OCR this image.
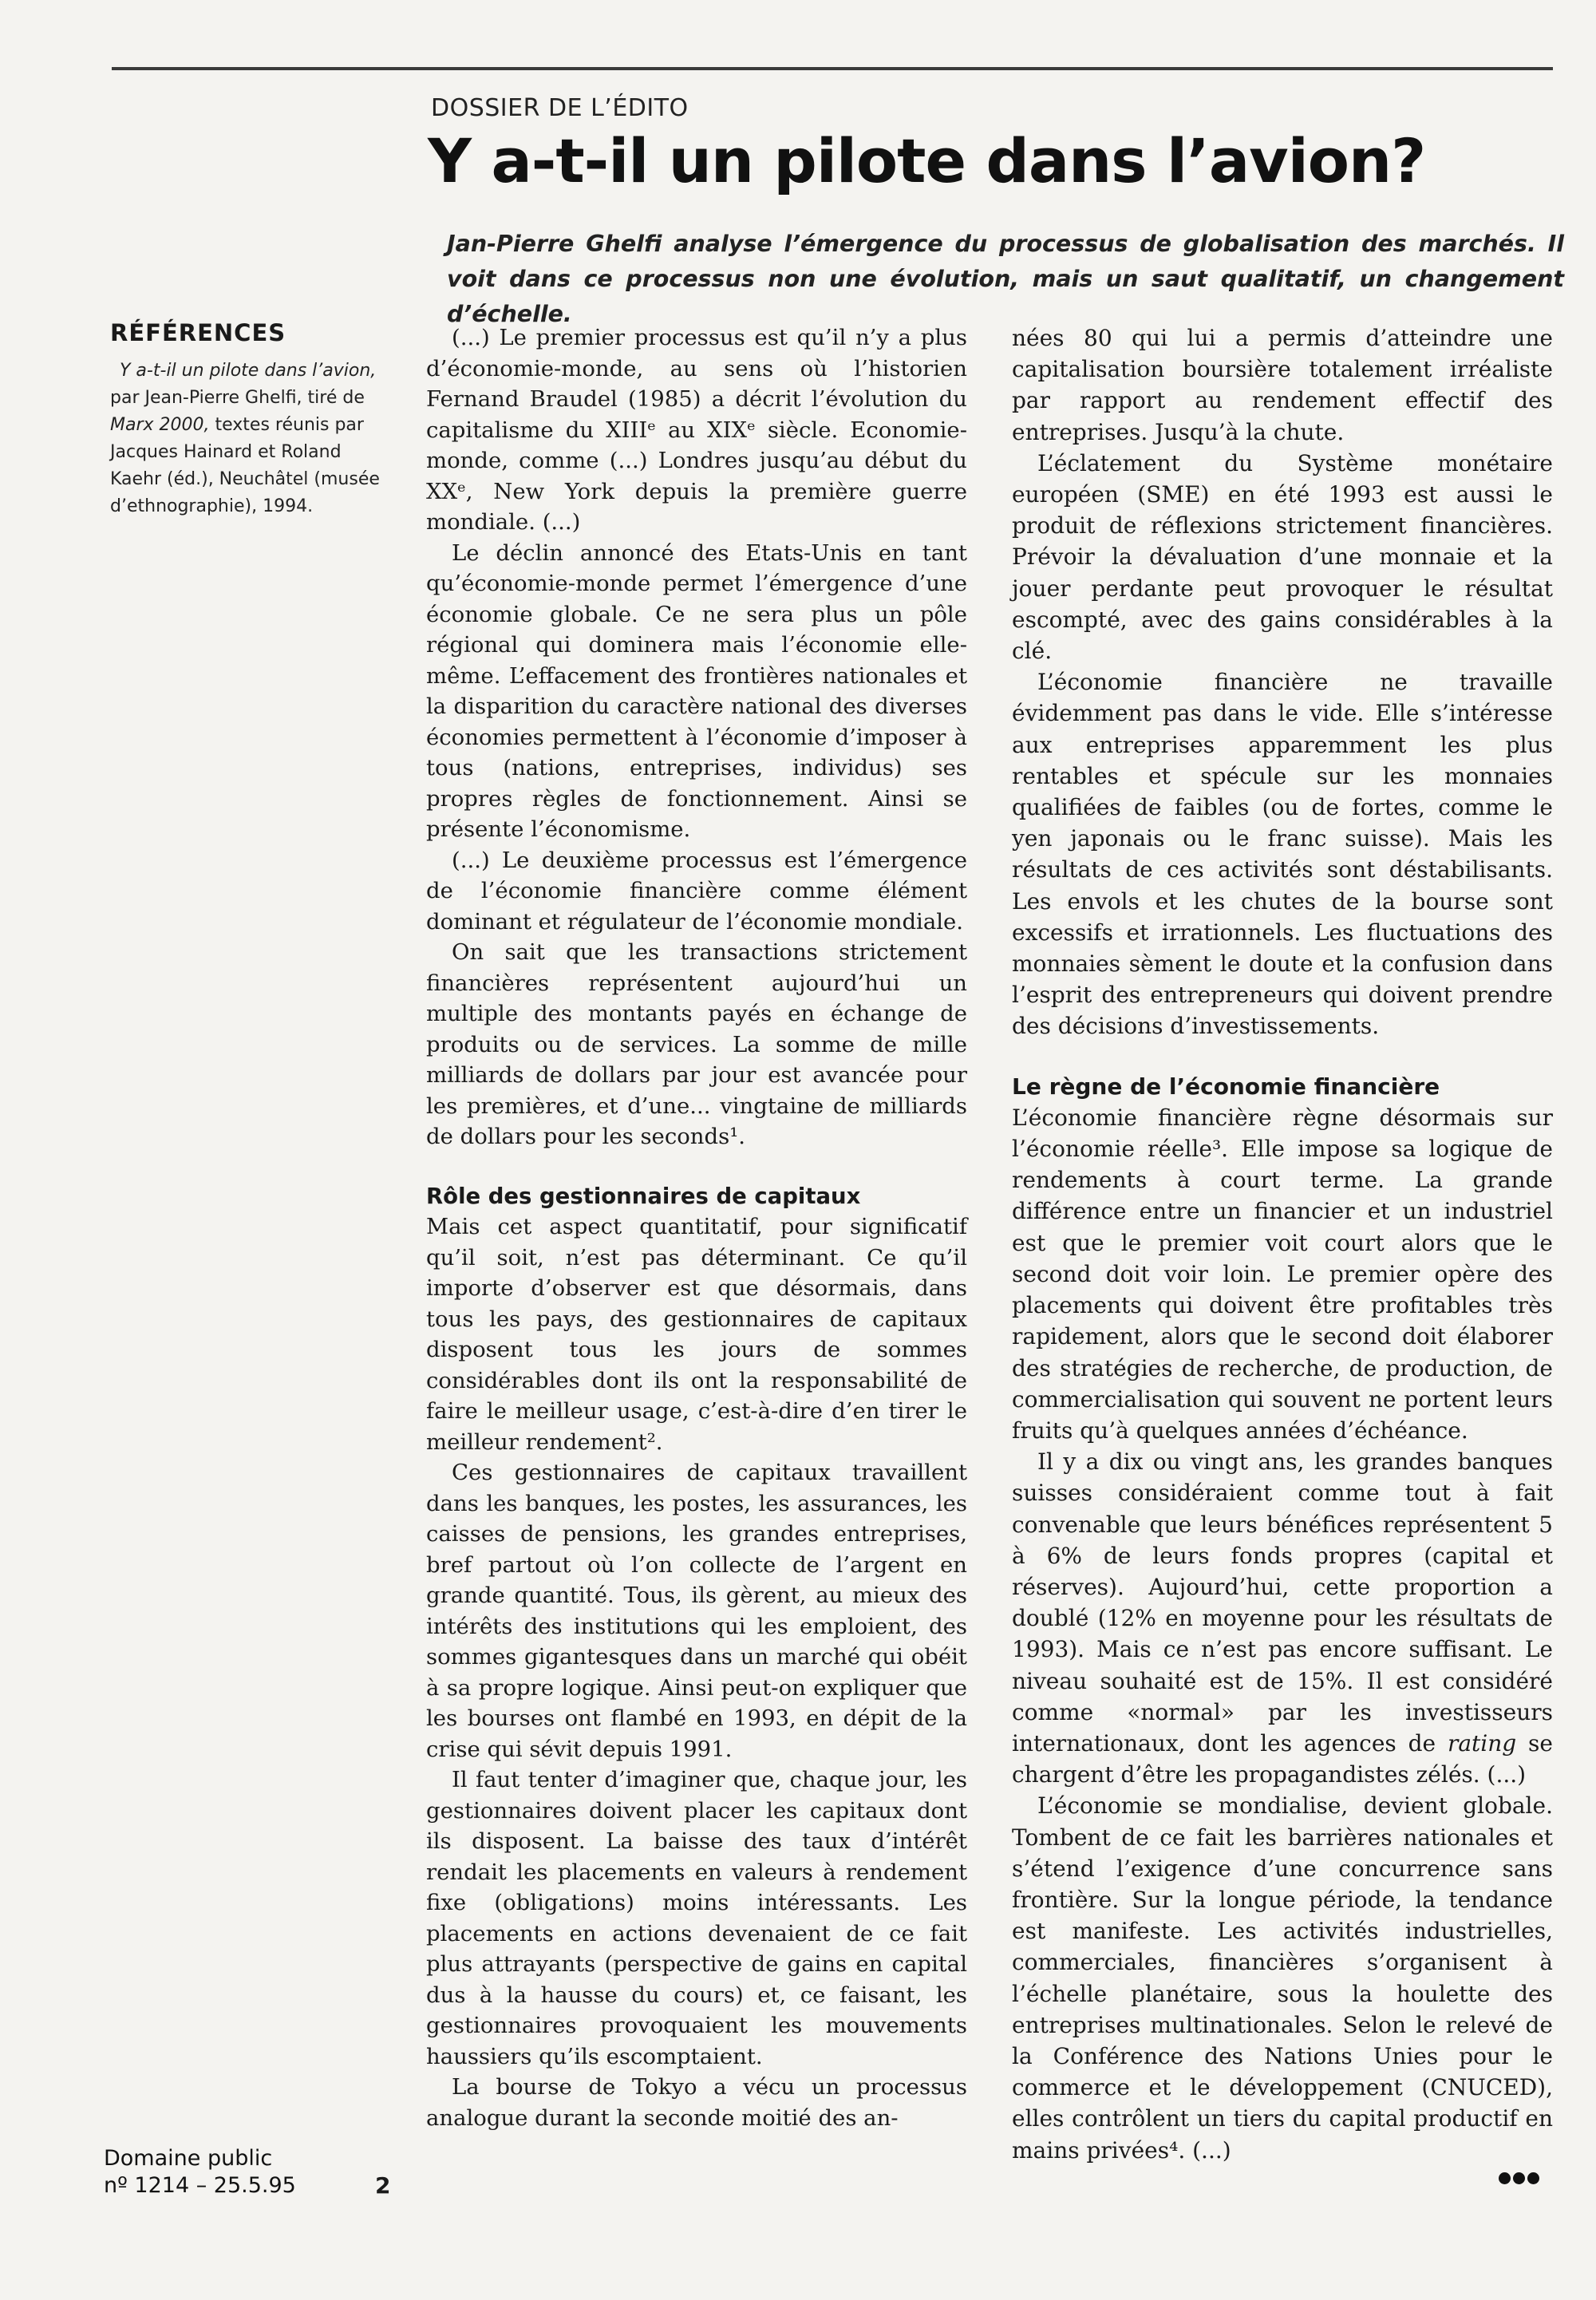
DOSSIER DE L’ÉDITO
Y a-t-il un pilote dans l’avion?

Jan-Pierre Ghelfi analyse l’émergence du processus de globalisation des marchés. Il voit dans ce processus non une évolution, mais un saut qualitatif, un changement d’échelle.

RÉFÉRENCES

Y a-t-il un pilote dans l’avion, par Jean-Pierre Ghelfi, tiré de Marx 2000, textes réunis par Jacques Hainard et Roland Kaehr (éd.), Neuchâtel (musée d’ethnographie), 1994.

(...) Le premier processus est qu’il n’y a plus d’économie-monde, au sens où l’historien Fernand Braudel (1985) a décrit l’évolution du capitalisme du XIIIᵉ au XIXᵉ siècle. Economie-monde, comme (...) Londres jusqu’au début du XXᵉ, New York depuis la première guerre mondiale. (...)

Le déclin annoncé des Etats-Unis en tant qu’économie-monde permet l’émergence d’une économie globale. Ce ne sera plus un pôle régional qui dominera mais l’économie elle-même. L’effacement des frontières nationales et la disparition du caractère national des diverses économies permettent à l’économie d’imposer à tous (nations, entreprises, individus) ses propres règles de fonctionnement. Ainsi se présente l’économisme.

(...) Le deuxième processus est l’émergence de l’économie financière comme élément dominant et régulateur de l’économie mondiale.

On sait que les transactions strictement financières représentent aujourd’hui un multiple des montants payés en échange de produits ou de services. La somme de mille milliards de dollars par jour est avancée pour les premières, et d’une... vingtaine de milliards de dollars pour les seconds¹.

Rôle des gestionnaires de capitaux

Mais cet aspect quantitatif, pour significatif qu’il soit, n’est pas déterminant. Ce qu’il importe d’observer est que désormais, dans tous les pays, des gestionnaires de capitaux disposent tous les jours de sommes considérables dont ils ont la responsabilité de faire le meilleur usage, c’est-à-dire d’en tirer le meilleur rendement².

Ces gestionnaires de capitaux travaillent dans les banques, les postes, les assurances, les caisses de pensions, les grandes entreprises, bref partout où l’on collecte de l’argent en grande quantité. Tous, ils gèrent, au mieux des intérêts des institutions qui les emploient, des sommes gigantesques dans un marché qui obéit à sa propre logique. Ainsi peut-on expliquer que les bourses ont flambé en 1993, en dépit de la crise qui sévit depuis 1991.

Il faut tenter d’imaginer que, chaque jour, les gestionnaires doivent placer les capitaux dont ils disposent. La baisse des taux d’intérêt rendait les placements en valeurs à rendement fixe (obligations) moins intéressants. Les placements en actions devenaient de ce fait plus attrayants (perspective de gains en capital dus à la hausse du cours) et, ce faisant, les gestionnaires provoquaient les mouvements haussiers qu’ils escomptaient.

La bourse de Tokyo a vécu un processus analogue durant la seconde moitié des an-

nées 80 qui lui a permis d’atteindre une capitalisation boursière totalement irréaliste par rapport au rendement effectif des entreprises. Jusqu’à la chute.

L’éclatement du Système monétaire européen (SME) en été 1993 est aussi le produit de réflexions strictement financières. Prévoir la dévaluation d’une monnaie et la jouer perdante peut provoquer le résultat escompté, avec des gains considérables à la clé.

L’économie financière ne travaille évidemment pas dans le vide. Elle s’intéresse aux entreprises apparemment les plus rentables et spécule sur les monnaies qualifiées de faibles (ou de fortes, comme le yen japonais ou le franc suisse). Mais les résultats de ces activités sont déstabilisants. Les envols et les chutes de la bourse sont excessifs et irrationnels. Les fluctuations des monnaies sèment le doute et la confusion dans l’esprit des entrepreneurs qui doivent prendre des décisions d’investissements.

Le règne de l’économie financière

L’économie financière règne désormais sur l’économie réelle³. Elle impose sa logique de rendements à court terme. La grande différence entre un financier et un industriel est que le premier voit court alors que le second doit voir loin. Le premier opère des placements qui doivent être profitables très rapidement, alors que le second doit élaborer des stratégies de recherche, de production, de commercialisation qui souvent ne portent leurs fruits qu’à quelques années d’échéance.

Il y a dix ou vingt ans, les grandes banques suisses considéraient comme tout à fait convenable que leurs bénéfices représentent 5 à 6% de leurs fonds propres (capital et réserves). Aujourd’hui, cette proportion a doublé (12% en moyenne pour les résultats de 1993). Mais ce n’est pas encore suffisant. Le niveau souhaité est de 15%. Il est considéré comme «normal» par les investisseurs internationaux, dont les agences de rating se chargent d’être les propagandistes zélés. (...)

L’économie se mondialise, devient globale. Tombent de ce fait les barrières nationales et s’étend l’exigence d’une concurrence sans frontière. Sur la longue période, la tendance est manifeste. Les activités industrielles, commerciales, financières s’organisent à l’échelle planétaire, sous la houlette des entreprises multinationales. Selon le relevé de la Conférence des Nations Unies pour le commerce et le développement (CNUCED), elles contrôlent un tiers du capital productif en mains privées⁴. (...)

Domaine public
nº 1214 – 25.5.95	2
